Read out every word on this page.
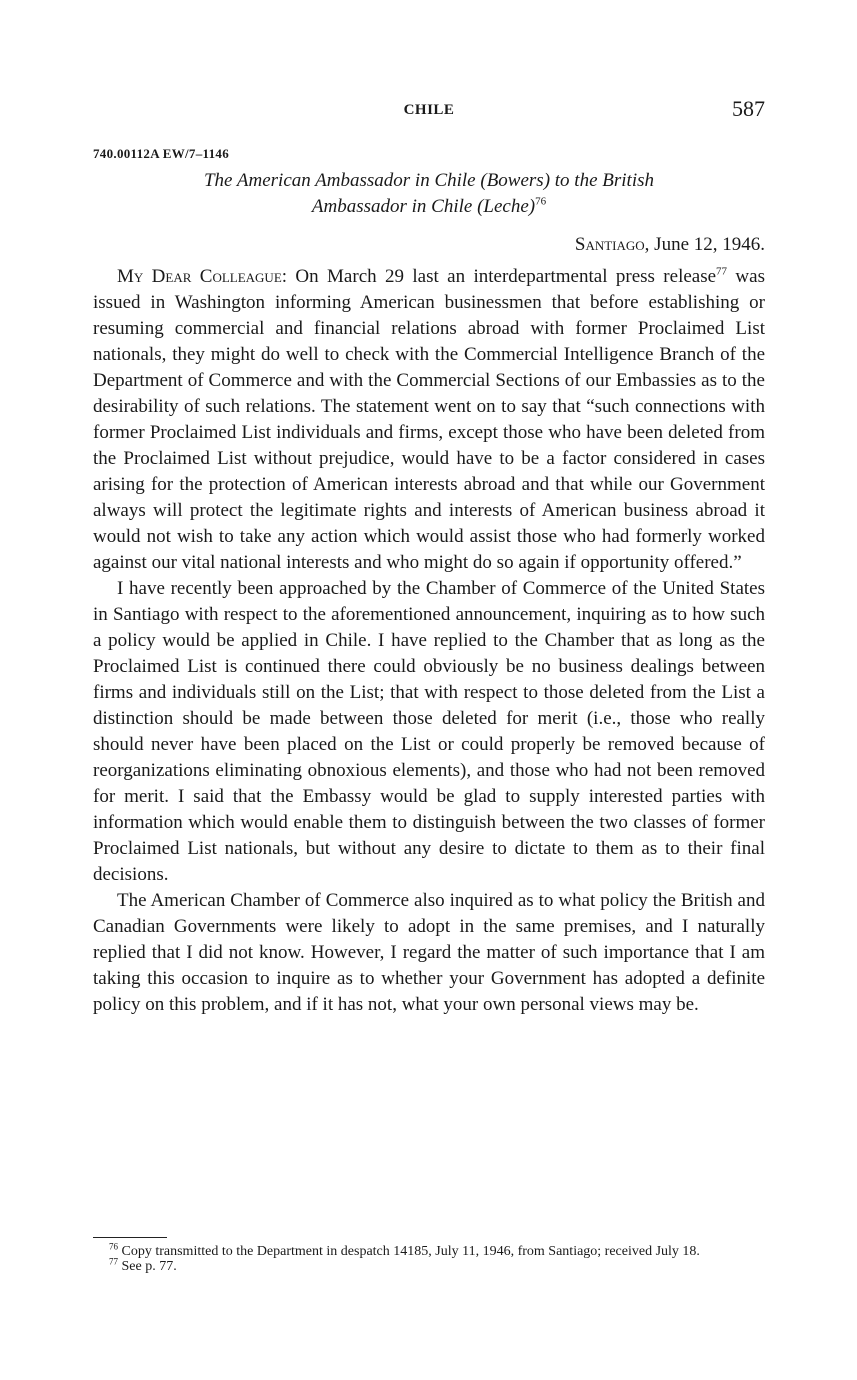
CHILE	587
740.00112A EW/7–1146
The American Ambassador in Chile (Bowers) to the British
Ambassador in Chile (Leche)$^{76}$
Santiago, June 12, 1946.

My Dear Colleague: On March 29 last an interdepartmental press release$^{77}$ was issued in Washington informing American businessmen that before establishing or resuming commercial and financial relations abroad with former Proclaimed List nationals, they might do well to check with the Commercial Intelligence Branch of the Department of Commerce and with the Commercial Sections of our Embassies as to the desirability of such relations. The statement went on to say that “such connections with former Proclaimed List individuals and firms, except those who have been deleted from the Proclaimed List without prejudice, would have to be a factor considered in cases arising for the protection of American interests abroad and that while our Government always will protect the legitimate rights and interests of American business abroad it would not wish to take any action which would assist those who had formerly worked against our vital national interests and who might do so again if opportunity offered.”

I have recently been approached by the Chamber of Commerce of the United States in Santiago with respect to the aforementioned announcement, inquiring as to how such a policy would be applied in Chile. I have replied to the Chamber that as long as the Proclaimed List is continued there could obviously be no business dealings between firms and individuals still on the List; that with respect to those deleted from the List a distinction should be made between those deleted for merit (i.e., those who really should never have been placed on the List or could properly be removed because of reorganizations eliminating obnoxious elements), and those who had not been removed for merit. I said that the Embassy would be glad to supply interested parties with information which would enable them to distinguish between the two classes of former Proclaimed List nationals, but without any desire to dictate to them as to their final decisions.

The American Chamber of Commerce also inquired as to what policy the British and Canadian Governments were likely to adopt in the same premises, and I naturally replied that I did not know. However, I regard the matter of such importance that I am taking this occasion to inquire as to whether your Government has adopted a definite policy on this problem, and if it has not, what your own personal views may be.

$^{76}$ Copy transmitted to the Department in despatch 14185, July 11, 1946, from Santiago; received July 18.

$^{77}$ See p. 77.
